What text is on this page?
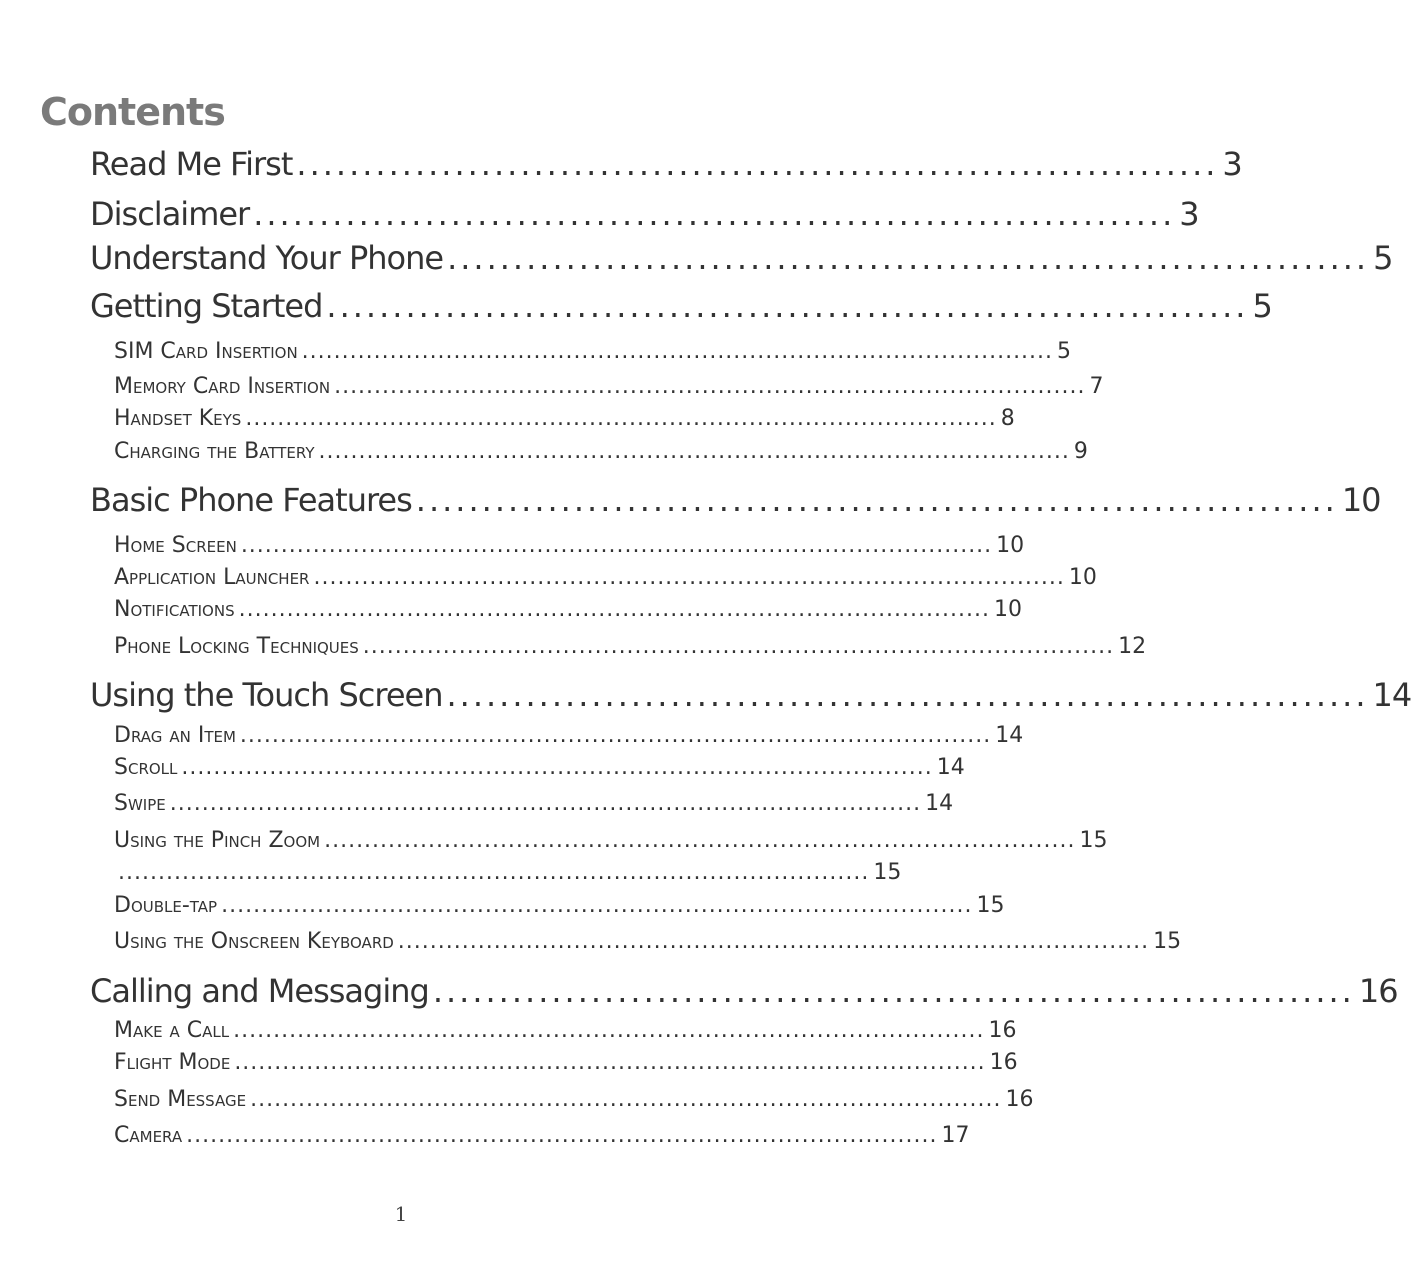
Contents
Read Me First ...................................................................... 3
Disclaimer ...................................................................... 3
Understand Your Phone ...................................................................... 5
Getting Started ...................................................................... 5
SIM Card Insertion .............................................................................................. 5
Memory Card Insertion .............................................................................................. 7
Handset Keys .............................................................................................. 8
Charging the Battery .............................................................................................. 9
Basic Phone Features ...................................................................... 10
Home Screen .............................................................................................. 10
Application Launcher .............................................................................................. 10
Notifications .............................................................................................. 10
Phone Locking Techniques .............................................................................................. 12
Using the Touch Screen ...................................................................... 14
Drag an Item .............................................................................................. 14
Scroll .............................................................................................. 14
Swipe .............................................................................................. 14
Using the Pinch Zoom .............................................................................................. 15
.............................................................................................. 15
Double-tap .............................................................................................. 15
Using the Onscreen Keyboard .............................................................................................. 15
Calling and Messaging ...................................................................... 16
Make a Call .............................................................................................. 16
Flight Mode .............................................................................................. 16
Send Message .............................................................................................. 16
Camera .............................................................................................. 17
1
